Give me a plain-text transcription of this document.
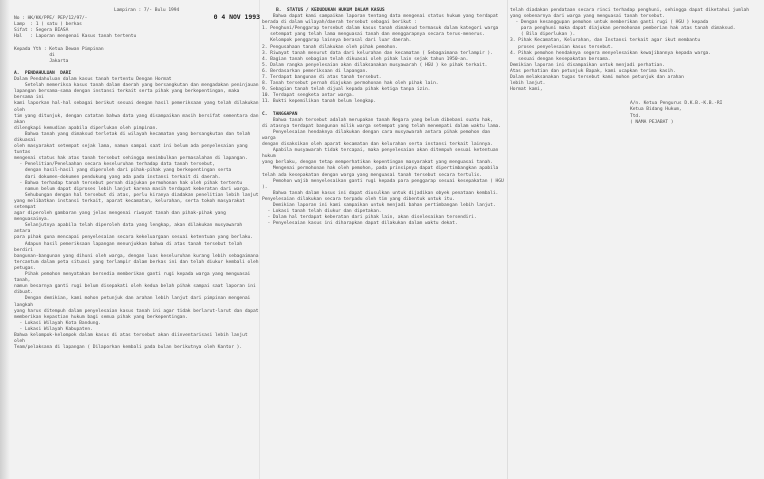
Lampiran : 7/- Bulu 1994
No : HK/KK/PPE/ PEP/12/97/-	0 4 NOV 1993

Lamp  : 1 ( satu ) berkas

Sifat : Segera BIASA

Hal   : Laporan mengenai Kasus tanah tertentu

Kepada Yth : Ketua Dewan Pimpinan

di

Jakarta

A.  PENDAHULUAN  DARI

Dalam Pendahuluan dalam kasus tanah tertentu Dengan Hormat

Setelah memeriksa kasus tanah dalam daerah yang bersangkutan dan mengadakan peninjauan

lapangan bersama-sama dengan instansi terkait serta pihak yang berkepentingan, maka bersama ini

kami laporkan hal-hal sebagai berikut sesuai dengan hasil pemeriksaan yang telah dilakukan oleh

tim yang ditunjuk, dengan catatan bahwa data yang disampaikan masih bersifat sementara dan akan

dilengkapi kemudian apabila diperlukan oleh pimpinan.

Bahwa tanah yang dimaksud terletak di wilayah kecamatan yang bersangkutan dan telah dikuasai

oleh masyarakat setempat sejak lama, namun sampai saat ini belum ada penyelesaian yang tuntas

mengenai status hak atas tanah tersebut sehingga menimbulkan permasalahan di lapangan.

- Penelitian/Penelaahan secara keseluruhan terhadap data tanah tersebut,

dengan hasil-hasil yang diperoleh dari pihak-pihak yang berkepentingan serta

dari dokumen-dokumen pendukung yang ada pada instansi terkait di daerah.

- Bahwa terhadap tanah tersebut pernah diajukan permohonan hak oleh pihak tertentu

namun belum dapat diproses lebih lanjut karena masih terdapat keberatan dari warga.

Sehubungan dengan hal tersebut di atas, perlu kiranya diadakan penelitian lebih lanjut

yang melibatkan instansi terkait, aparat kecamatan, kelurahan, serta tokoh masyarakat setempat

agar diperoleh gambaran yang jelas mengenai riwayat tanah dan pihak-pihak yang menguasainya.

Selanjutnya apabila telah diperoleh data yang lengkap, akan dilakukan musyawarah antara

para pihak guna mencapai penyelesaian secara kekeluargaan sesuai ketentuan yang berlaku.

Adapun hasil pemeriksaan lapangan menunjukkan bahwa di atas tanah tersebut telah berdiri

bangunan-bangunan yang dihuni oleh warga, dengan luas keseluruhan kurang lebih sebagaimana

tercantum dalam peta situasi yang terlampir dalam berkas ini dan telah diukur kembali oleh petugas.

Pihak pemohon menyatakan bersedia memberikan ganti rugi kepada warga yang menguasai tanah,

namun besarnya ganti rugi belum disepakati oleh kedua belah pihak sampai saat laporan ini dibuat.

Dengan demikian, kami mohon petunjuk dan arahan lebih lanjut dari pimpinan mengenai langkah

yang harus ditempuh dalam penyelesaian kasus tanah ini agar tidak berlarut-larut dan dapat

memberikan kepastian hukum bagi semua pihak yang berkepentingan.

- Lokasi Wilayah Kota Bandung.

- Lokasi Wilayah Kabupaten.

Bahwa kelompok-kelompok dalam kasus di atas tersebut akan diinventarisasi lebih lanjut oleh

Team/pelaksana di lapangan ( Dilaporkan kembali pada bulan berikutnya oleh Kantor ).

B.  STATUS / KEDUDUKAN HUKUM DALAM KASUS

Bahwa dapat kami sampaikan laporan tentang data mengenai status hukum yang terdapat

berada di dalam wilayah/daerah tersebut sebagai berikut :

1. Penghuni/Penggarap tersebut dalam kasus tanah dimaksud termasuk dalam kategori warga

setempat yang telah lama menguasai tanah dan menggarapnya secara terus-menerus.

Kelompok penggarap lainnya berasal dari luar daerah.

2. Pengusahaan tanah dilakukan oleh pihak pemohon.

3. Riwayat tanah menurut data dari kelurahan dan kecamatan ( Sebagaimana terlampir ).

4. Bagian tanah sebagian telah dikuasai oleh pihak lain sejak tahun 1950-an.

5. Dalam rangka penyelesaian akan dilaksanakan musyawarah ( HGU ) ke pihak terkait.

6. Berdasarkan pemeriksaan di lapangan.

7. Terdapat bangunan di atas tanah tersebut.

8. Tanah tersebut pernah diajukan permohonan hak oleh pihak lain.

9. Sebagian tanah telah dijual kepada pihak ketiga tanpa izin.

10. Terdapat sengketa antar warga.

11. Bukti kepemilikan tanah belum lengkap.

C.  TANGGAPAN

Bahwa tanah tersebut adalah merupakan tanah Negara yang belum dibebani suatu hak,

di atasnya terdapat bangunan milik warga setempat yang telah menempati dalam waktu lama.

Penyelesaian hendaknya dilakukan dengan cara musyawarah antara pihak pemohon dan warga

dengan disaksikan oleh aparat kecamatan dan kelurahan serta instansi terkait lainnya.

Apabila musyawarah tidak tercapai, maka penyelesaian akan ditempuh sesuai ketentuan hukum

yang berlaku, dengan tetap memperhatikan kepentingan masyarakat yang menguasai tanah.

Mengenai permohonan hak oleh pemohon, pada prinsipnya dapat dipertimbangkan apabila

telah ada kesepakatan dengan warga yang menguasai tanah tersebut secara tertulis.

Pemohon wajib menyelesaikan ganti rugi kepada para penggarap sesuai kesepakatan ( HGU ).

Bahwa tanah dalam kasus ini dapat diusulkan untuk dijadikan obyek penataan kembali.

Penyelesaian dilakukan secara terpadu oleh tim yang dibentuk untuk itu.

Demikian laporan ini kami sampaikan untuk menjadi bahan pertimbangan lebih lanjut.

- Lokasi tanah telah diukur dan dipetakan.

- Dalam hal terdapat keberatan dari pihak lain, akan diselesaikan tersendiri.

- Penyelesaian kasus ini diharapkan dapat dilakukan dalam waktu dekat.

telah diadakan pendataan secara rinci terhadap penghuni, sehingga dapat diketahui jumlah

yang sebenarnya dari warga yang menguasai tanah tersebut.

- Dengan kesanggupan pemohon untuk memberikan ganti rugi ( HGU ) kepada

para penghuni maka dapat diajukan permohonan pemberian hak atas tanah dimaksud.

( Bila diperlukan ).

3. Pihak Kecamatan, Kelurahan, dan Instansi terkait agar ikut membantu

proses penyelesaian kasus tersebut.

4. Pihak pemohon hendaknya segera menyelesaikan kewajibannya kepada warga.

sesuai dengan kesepakatan bersama.

Demikian laporan ini disampaikan untuk menjadi perhatian.

Atas perhatian dan petunjuk Bapak, kami ucapkan terima kasih.

Dalam melaksanakan tugas tersebut kami mohon petunjuk dan arahan

lebih lanjut.

Hormat kami,

A/n. Ketua Pengurus D.K.B.-K.B.-RI

Ketua Bidang Hukum,

Ttd.

( NAMA PEJABAT )
